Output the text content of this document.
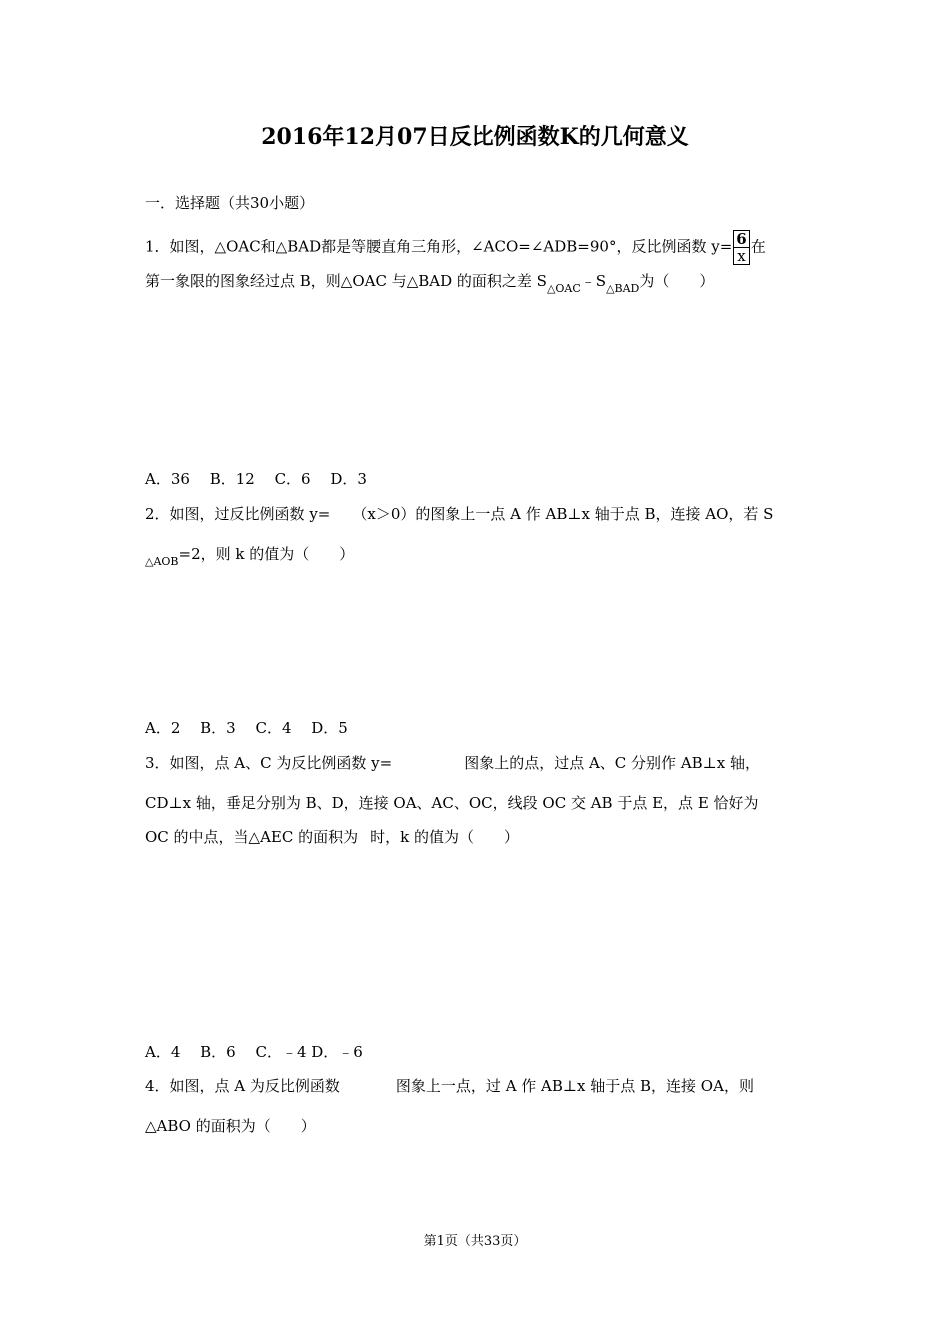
2016年12月07日反比例函数K的几何意义
一．选择题（共30小题）
1．如图，△OAC和△BAD都是等腰直角三角形，∠ACO=∠ADB=90°，反比例函数 $y= \frac{6}{x}$ 在
第一象限的图象经过点 B，则△OAC 与△BAD 的面积之差 $S_{\triangle OAC}﹣S_{\triangle BAD}$为（　　）
A．36　 B．12　 C．6　 D．3
2．如图，过反比例函数 y= （x＞0）的图象上一点 A 作 AB⊥x 轴于点 B，连接 AO，若 S
$_{\triangle AOB}$=2，则 k 的值为（　　）
A．2　 B．3　 C．4　 D．5
3．如图，点 A、C 为反比例函数 y=	图象上的点，过点 A、C 分别作 AB⊥x 轴，
CD⊥x 轴，垂足分别为 B、D，连接 OA、AC、OC，线段 OC 交 AB 于点 E，点 E 恰好为
OC 的中点，当△AEC 的面积为 时，k 的值为（　　）
A．4　 B．6　 C．﹣4 D．﹣6
4．如图，点 A 为反比例函数	图象上一点，过 A 作 AB⊥x 轴于点 B，连接 OA，则
△ABO 的面积为（　　）
第1页（共33页）
